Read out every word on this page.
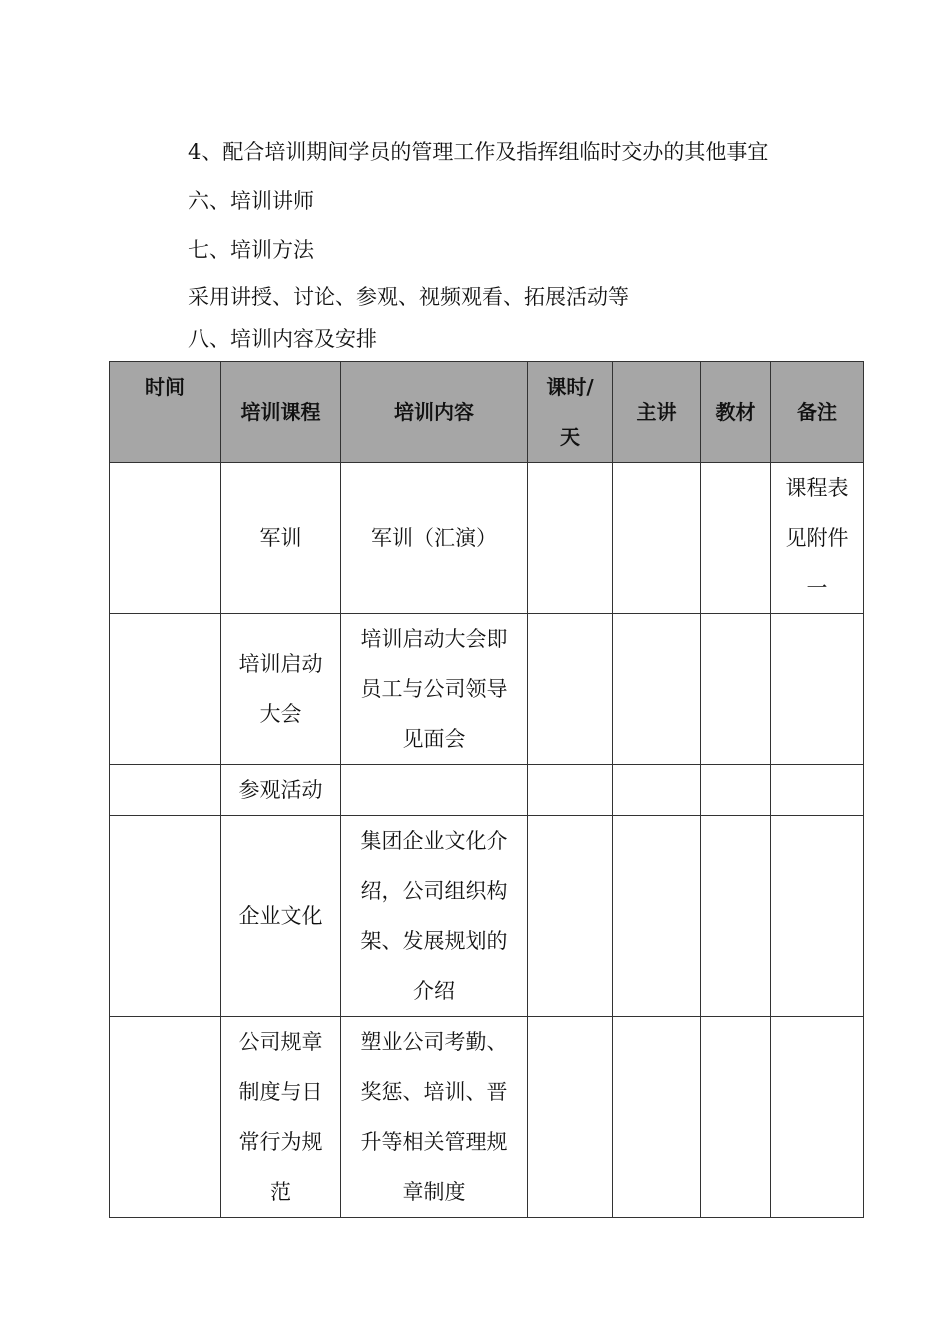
4、配合培训期间学员的管理工作及指挥组临时交办的其他事宜
六、培训讲师
七、培训方法
采用讲授、讨论、参观、视频观看、拓展活动等
八、培训内容及安排
时间	培训课程	培训内容	课时/天	主讲	教材	备注
	军训	军训（汇演）				课程表见附件一
	培训启动大会	培训启动大会即员工与公司领导见面会				
	参观活动					
	企业文化	集团企业文化介绍，公司组织构架、发展规划的介绍				
	公司规章制度与日常行为规范	塑业公司考勤、奖惩、培训、晋升等相关管理规章制度				
